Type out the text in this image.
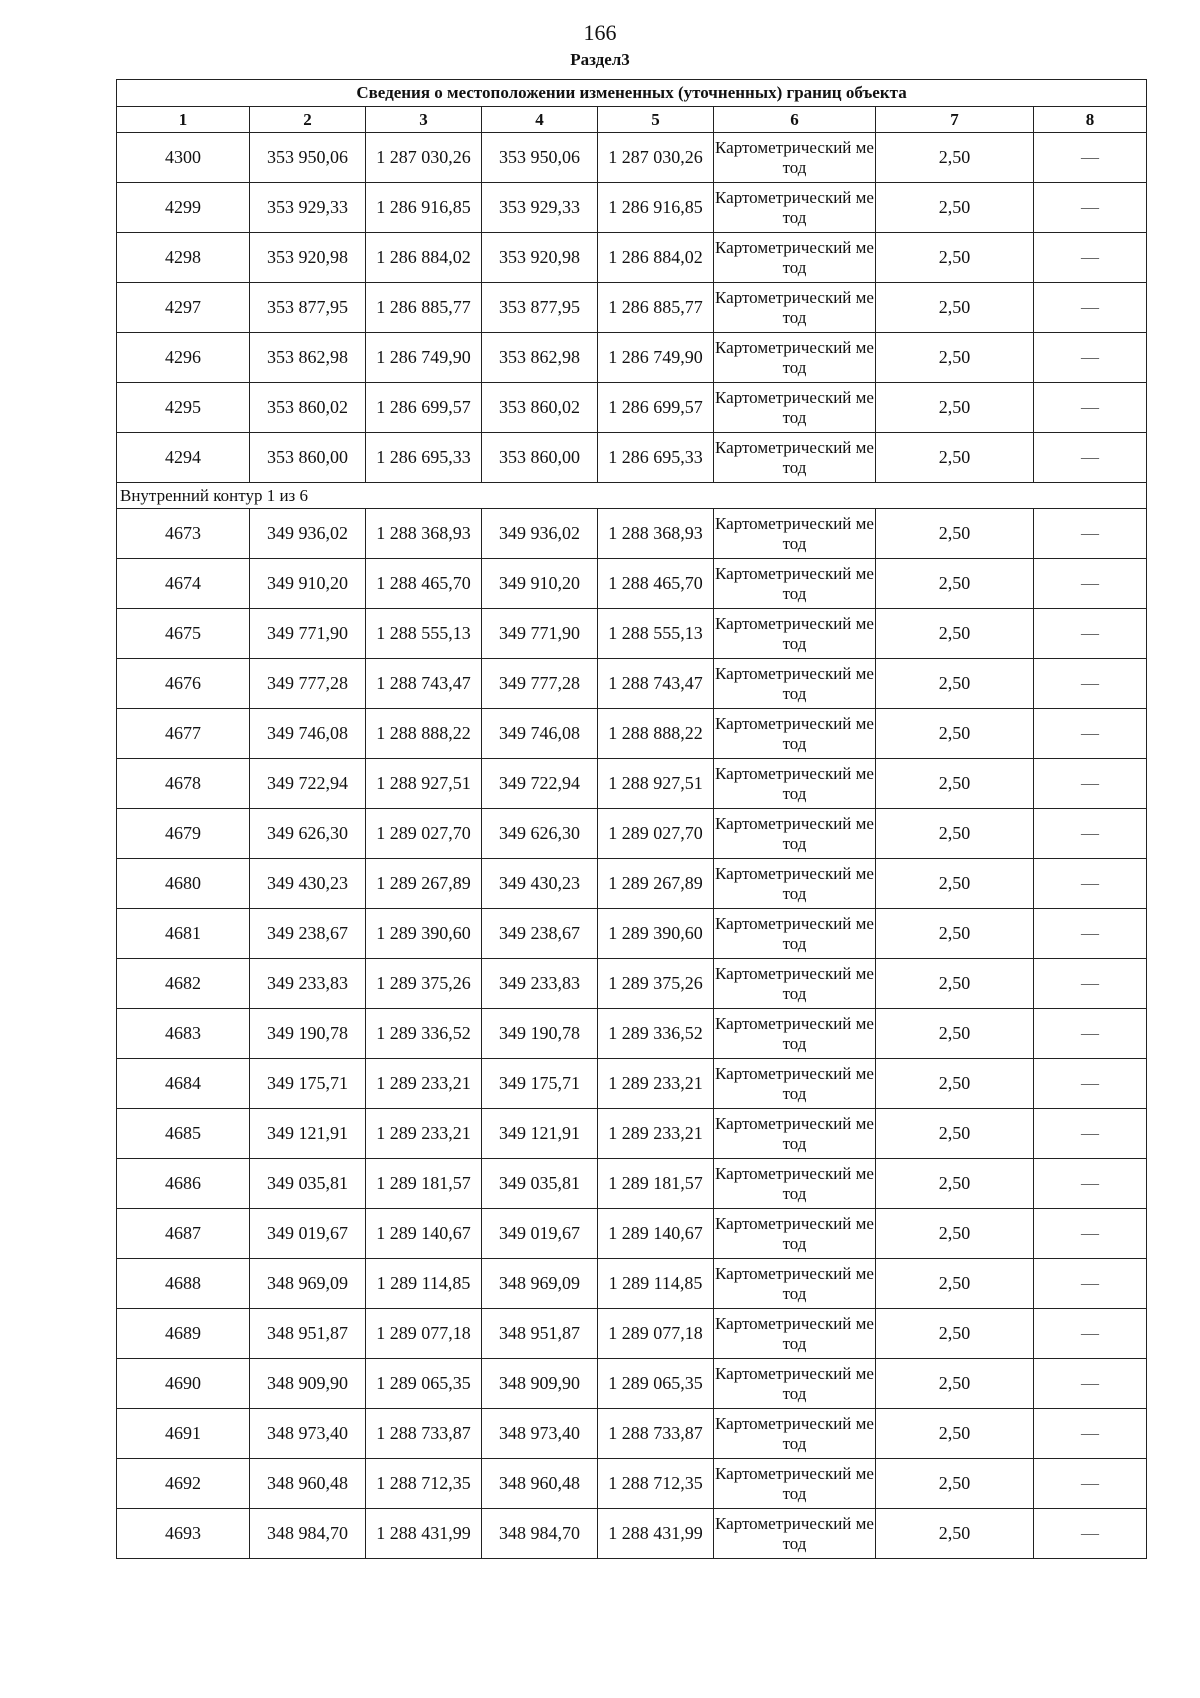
166
Раздел3
Сведения о местоположении измененных (уточненных) границ объекта							
1	2	3	4	5	6	7	8
4300	353 950,06	1 287 030,26	353 950,06	1 287 030,26	Картометрический метод	2,50	—
4299	353 929,33	1 286 916,85	353 929,33	1 286 916,85	Картометрический метод	2,50	—
4298	353 920,98	1 286 884,02	353 920,98	1 286 884,02	Картометрический метод	2,50	—
4297	353 877,95	1 286 885,77	353 877,95	1 286 885,77	Картометрический метод	2,50	—
4296	353 862,98	1 286 749,90	353 862,98	1 286 749,90	Картометрический метод	2,50	—
4295	353 860,02	1 286 699,57	353 860,02	1 286 699,57	Картометрический метод	2,50	—
4294	353 860,00	1 286 695,33	353 860,00	1 286 695,33	Картометрический метод	2,50	—
Внутренний контур 1 из 6							
4673	349 936,02	1 288 368,93	349 936,02	1 288 368,93	Картометрический метод	2,50	—
4674	349 910,20	1 288 465,70	349 910,20	1 288 465,70	Картометрический метод	2,50	—
4675	349 771,90	1 288 555,13	349 771,90	1 288 555,13	Картометрический метод	2,50	—
4676	349 777,28	1 288 743,47	349 777,28	1 288 743,47	Картометрический метод	2,50	—
4677	349 746,08	1 288 888,22	349 746,08	1 288 888,22	Картометрический метод	2,50	—
4678	349 722,94	1 288 927,51	349 722,94	1 288 927,51	Картометрический метод	2,50	—
4679	349 626,30	1 289 027,70	349 626,30	1 289 027,70	Картометрический метод	2,50	—
4680	349 430,23	1 289 267,89	349 430,23	1 289 267,89	Картометрический метод	2,50	—
4681	349 238,67	1 289 390,60	349 238,67	1 289 390,60	Картометрический метод	2,50	—
4682	349 233,83	1 289 375,26	349 233,83	1 289 375,26	Картометрический метод	2,50	—
4683	349 190,78	1 289 336,52	349 190,78	1 289 336,52	Картометрический метод	2,50	—
4684	349 175,71	1 289 233,21	349 175,71	1 289 233,21	Картометрический метод	2,50	—
4685	349 121,91	1 289 233,21	349 121,91	1 289 233,21	Картометрический метод	2,50	—
4686	349 035,81	1 289 181,57	349 035,81	1 289 181,57	Картометрический метод	2,50	—
4687	349 019,67	1 289 140,67	349 019,67	1 289 140,67	Картометрический метод	2,50	—
4688	348 969,09	1 289 114,85	348 969,09	1 289 114,85	Картометрический метод	2,50	—
4689	348 951,87	1 289 077,18	348 951,87	1 289 077,18	Картометрический метод	2,50	—
4690	348 909,90	1 289 065,35	348 909,90	1 289 065,35	Картометрический метод	2,50	—
4691	348 973,40	1 288 733,87	348 973,40	1 288 733,87	Картометрический метод	2,50	—
4692	348 960,48	1 288 712,35	348 960,48	1 288 712,35	Картометрический метод	2,50	—
4693	348 984,70	1 288 431,99	348 984,70	1 288 431,99	Картометрический метод	2,50	—
